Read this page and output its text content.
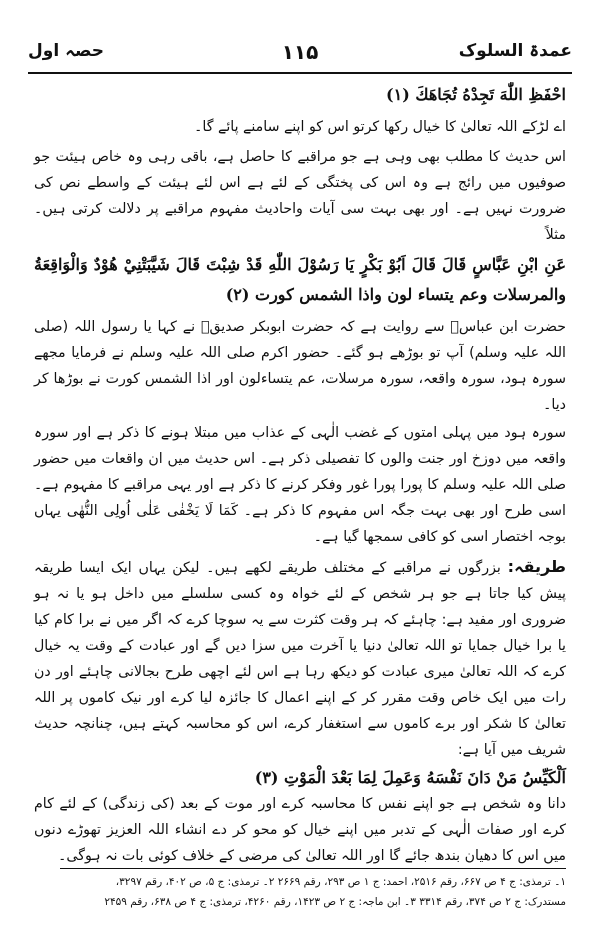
عمدۃ السلوک
۱۱۵
حصہ اول

احْفَظِ اللّٰهَ تَجِدْهُ تُجَاهَكَ (۱)

اے لڑکے اللہ تعالیٰ کا خیال رکھا کرتو اس کو اپنے سامنے پائے گا۔

اس حدیث کا مطلب بھی وہی ہے جو مراقبے کا حاصل ہے، باقی رہی وہ خاص ہیئت جو صوفیوں میں رائج ہے وہ اس کی پختگی کے لئے ہے اس لئے ہیئت کے واسطے نص کی ضرورت نہیں ہے۔ اور بھی بہت سی آیات واحادیث مفہوم مراقبے پر دلالت کرتی ہیں۔ مثلاً

عَنِ ابْنِ عَبَّاسٍ قَالَ قَالَ اَبُوْ بَكْرٍ يَا رَسُوْلَ اللّٰهِ قَدْ شِبْتَ قَالَ شَيَّبَتْنِيْ هُوْدٌ وَالْوَاقِعَةُ والمرسلات وعم يتساء لون واذا الشمس كورت (۲)

حضرت ابن عباسؓ سے روایت ہے کہ حضرت ابوبکر صدیقؓ نے کہا یا رسول اللہ (صلی اللہ علیہ وسلم) آپ تو بوڑھے ہو گئے۔ حضور اکرم صلی اللہ علیہ وسلم نے فرمایا مجھے سورہ ہود، سورہ واقعہ، سورہ مرسلات، عم یتساءلون اور اذا الشمس کورت نے بوڑھا کر دیا۔

سورہ ہود میں پہلی امتوں کے غضب الٰہی کے عذاب میں مبتلا ہونے کا ذکر ہے اور سورہ واقعہ میں دوزخ اور جنت والوں کا تفصیلی ذکر ہے۔ اس حدیث میں ان واقعات میں حضور صلی اللہ علیہ وسلم کا پورا پورا غور وفکر کرنے کا ذکر ہے اور یہی مراقبے کا مفہوم ہے۔ اسی طرح اور بھی بہت جگہ اس مفہوم کا ذکر ہے۔ كَمَا لَا يَخْفٰى عَلٰى اُولِى النُّهٰى یہاں بوجہ اختصار اسی کو کافی سمجھا گیا ہے۔

طریقہ: بزرگوں نے مراقبے کے مختلف طریقے لکھے ہیں۔ لیکن یہاں ایک ایسا طریقہ پیش کیا جاتا ہے جو ہر شخص کے لئے خواہ وہ کسی سلسلے میں داخل ہو یا نہ ہو ضروری اور مفید ہے: چاہئے کہ ہر وقت کثرت سے یہ سوچا کرے کہ اگر میں نے برا کام کیا یا برا خیال جمایا تو اللہ تعالیٰ دنیا یا آخرت میں سزا دیں گے اور عبادت کے وقت یہ خیال کرے کہ اللہ تعالیٰ میری عبادت کو دیکھ رہا ہے اس لئے اچھی طرح بجالانی چاہئے اور دن رات میں ایک خاص وقت مقرر کر کے اپنے اعمال کا جائزہ لیا کرے اور نیک کاموں پر اللہ تعالیٰ کا شکر اور برے کاموں سے استغفار کرے، اس کو محاسبہ کہتے ہیں، چنانچہ حدیث شریف میں آیا ہے:

اَلْكَيِّسُ مَنْ دَانَ نَفْسَهُ وَعَمِلَ لِمَا بَعْدَ الْمَوْتِ (۳)

دانا وہ شخص ہے جو اپنے نفس کا محاسبہ کرے اور موت کے بعد (کی زندگی) کے لئے کام کرے اور صفات الٰہی کے تدبر میں اپنے خیال کو محو کر دے انشاء اللہ العزیز تھوڑے دنوں میں اس کا دھیان بندھ جائے گا اور اللہ تعالیٰ کی مرضی کے خلاف کوئی بات نہ ہوگی۔

۱۔ ترمذی: ج ۴ ص ۶۶۷، رقم ۲۵۱۶، احمد: ج ۱ ص ۲۹۳، رقم ۲۶۶۹ ۲۔ ترمذی: ج ۵، ص ۴۰۲، رقم ۳۲۹۷،

مستدرک: ج ۲ ص ۳۷۴، رقم ۳۳۱۴ ۳۔ ابن ماجہ: ج ۲ ص ۱۴۲۳، رقم ۴۲۶۰، ترمذی: ج ۴ ص ۶۳۸، رقم ۲۴۵۹
